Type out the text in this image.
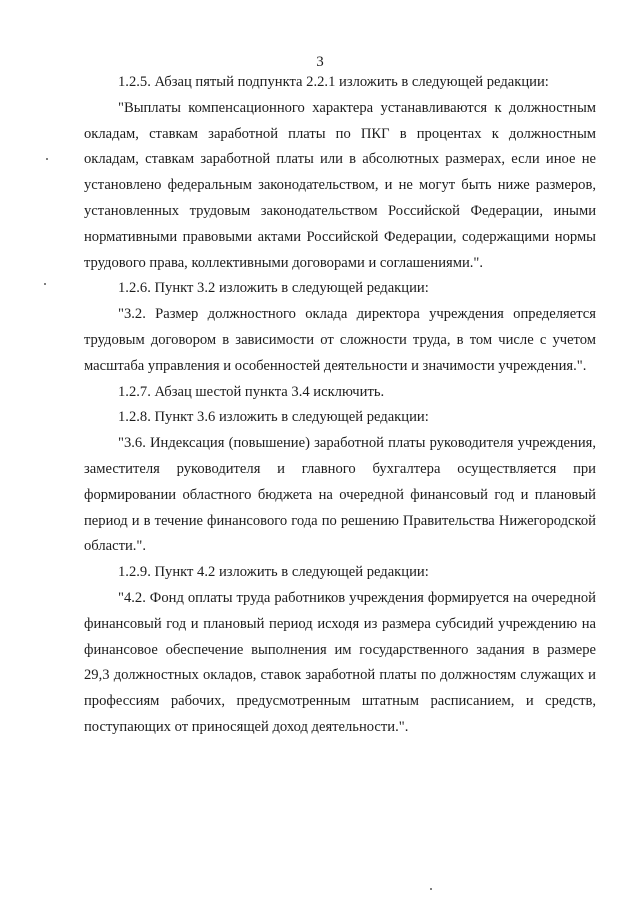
3

1.2.5. Абзац пятый подпункта 2.2.1 изложить в следующей редакции:

"Выплаты компенсационного характера устанавливаются к должностным окладам, ставкам заработной платы по ПКГ в процентах к должностным окладам, ставкам заработной платы или в абсолютных размерах, если иное не установлено федеральным законодательством, и не могут быть ниже размеров, установленных трудовым законодательством Российской Федерации, иными нормативными правовыми актами Российской Федерации, содержащими нормы трудового права, коллективными договорами и соглашениями.".

1.2.6. Пункт 3.2 изложить в следующей редакции:

"3.2. Размер должностного оклада директора учреждения определяется трудовым договором в зависимости от сложности труда, в том числе с учетом масштаба управления и особенностей деятельности и значимости учреждения.".

1.2.7. Абзац шестой пункта 3.4 исключить.

1.2.8. Пункт 3.6 изложить в следующей редакции:

"3.6. Индексация (повышение) заработной платы руководителя учреждения, заместителя руководителя и главного бухгалтера осуществляется при формировании областного бюджета на очередной финансовый год и плановый период и в течение финансового года по решению Правительства Нижегородской области.".

1.2.9. Пункт 4.2 изложить в следующей редакции:

"4.2. Фонд оплаты труда работников учреждения формируется на очередной финансовый год и плановый период исходя из размера субсидий учреждению на финансовое обеспечение выполнения им государственного задания в размере 29,3 должностных окладов, ставок заработной платы по должностям служащих и профессиям рабочих, предусмотренным штатным расписанием, и средств, поступающих от приносящей доход деятельности.".
